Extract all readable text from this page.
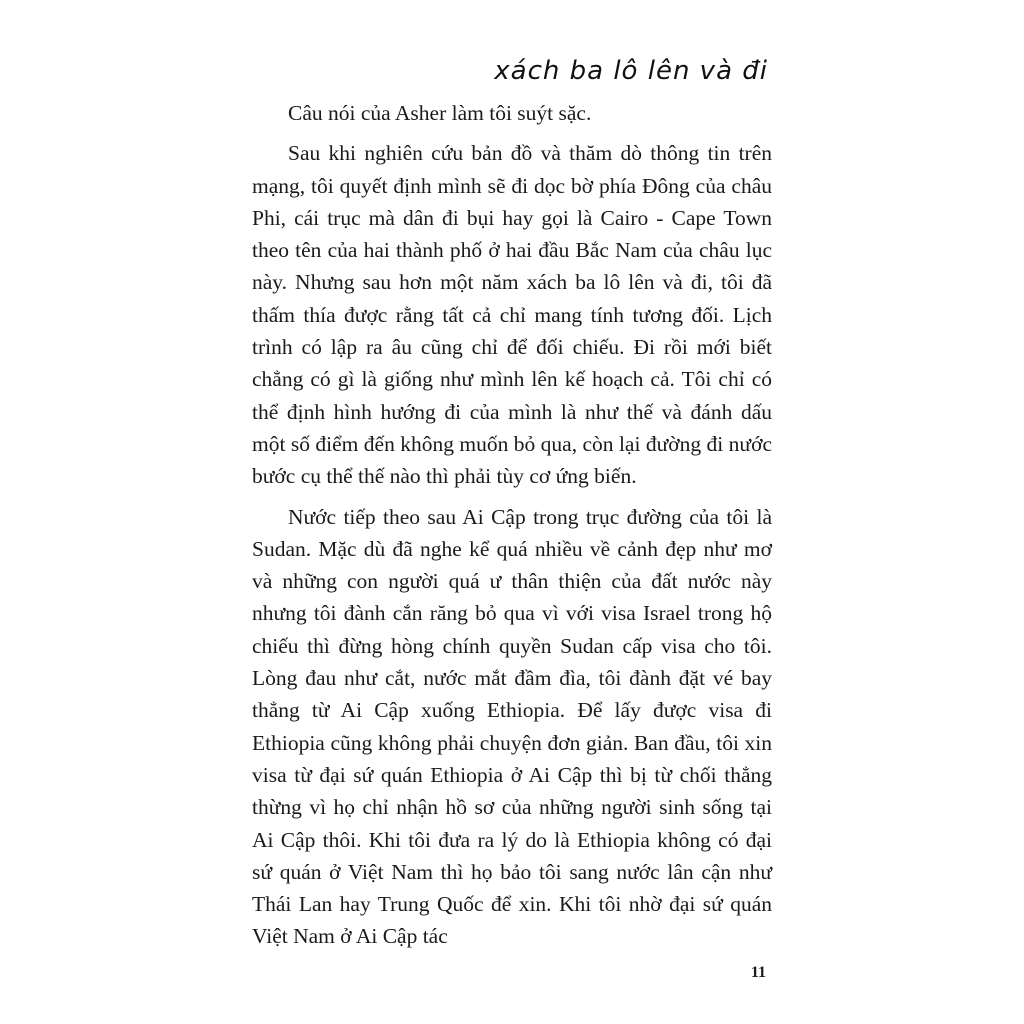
xách ba lô lên và đi

Câu nói của Asher làm tôi suýt sặc.

Sau khi nghiên cứu bản đồ và thăm dò thông tin trên mạng, tôi quyết định mình sẽ đi dọc bờ phía Đông của châu Phi, cái trục mà dân đi bụi hay gọi là Cairo - Cape Town theo tên của hai thành phố ở hai đầu Bắc Nam của châu lục này. Nhưng sau hơn một năm xách ba lô lên và đi, tôi đã thấm thía được rằng tất cả chỉ mang tính tương đối. Lịch trình có lập ra âu cũng chỉ để đối chiếu. Đi rồi mới biết chẳng có gì là giống như mình lên kế hoạch cả. Tôi chỉ có thể định hình hướng đi của mình là như thế và đánh dấu một số điểm đến không muốn bỏ qua, còn lại đường đi nước bước cụ thể thế nào thì phải tùy cơ ứng biến.

Nước tiếp theo sau Ai Cập trong trục đường của tôi là Sudan. Mặc dù đã nghe kể quá nhiều về cảnh đẹp như mơ và những con người quá ư thân thiện của đất nước này nhưng tôi đành cắn răng bỏ qua vì với visa Israel trong hộ chiếu thì đừng hòng chính quyền Sudan cấp visa cho tôi. Lòng đau như cắt, nước mắt đầm đìa, tôi đành đặt vé bay thẳng từ Ai Cập xuống Ethiopia. Để lấy được visa đi Ethiopia cũng không phải chuyện đơn giản. Ban đầu, tôi xin visa từ đại sứ quán Ethiopia ở Ai Cập thì bị từ chối thẳng thừng vì họ chỉ nhận hồ sơ của những người sinh sống tại Ai Cập thôi. Khi tôi đưa ra lý do là Ethiopia không có đại sứ quán ở Việt Nam thì họ bảo tôi sang nước lân cận như Thái Lan hay Trung Quốc để xin. Khi tôi nhờ đại sứ quán Việt Nam ở Ai Cập tác

11
